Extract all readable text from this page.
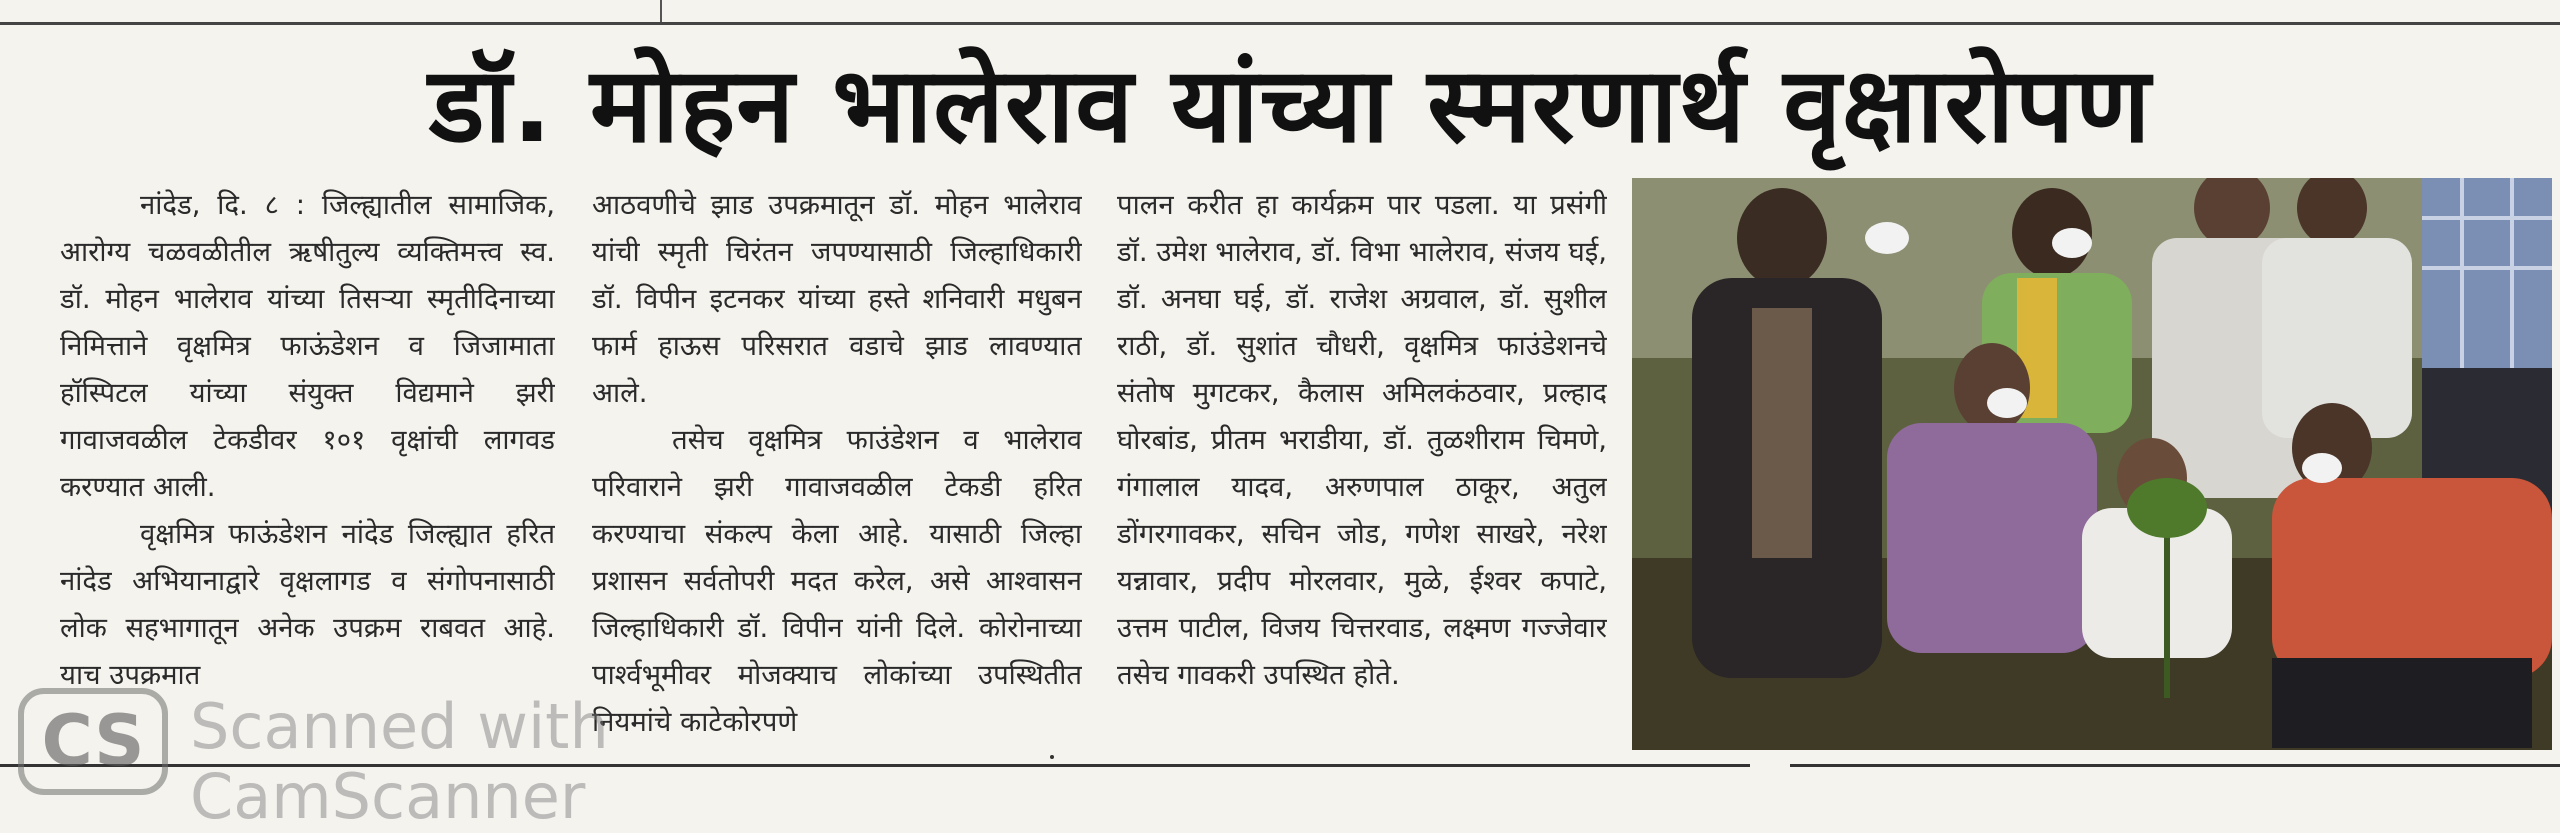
डॉ. मोहन भालेराव यांच्या स्मरणार्थ वृक्षारोपण

नांदेड, दि. ८ : जिल्ह्यातील सामाजिक, आरोग्य चळवळीतील ऋषीतुल्य व्यक्तिमत्त्व स्व. डॉ. मोहन भालेराव यांच्या तिसऱ्या स्मृतीदिनाच्या निमित्ताने वृक्षमित्र फाऊंडेशन व जिजामाता हॉस्पिटल यांच्या संयुक्त विद्यमाने झरी गावाजवळील टेकडीवर १०१ वृक्षांची लागवड करण्यात आली.

वृक्षमित्र फाऊंडेशन नांदेड जिल्ह्यात हरित नांदेड अभियानाद्वारे वृक्षलागड व संगोपनासाठी लोक सहभागातून अनेक उपक्रम राबवत आहे. याच उपक्रमात

आठवणीचे झाड उपक्रमातून डॉ. मोहन भालेराव यांची स्मृती चिरंतन जपण्यासाठी जिल्हाधिकारी डॉ. विपीन इटनकर यांच्या हस्ते शनिवारी मधुबन फार्म हाऊस परिसरात वडाचे झाड लावण्यात आले.

तसेच वृक्षमित्र फाउंडेशन व भालेराव परिवाराने झरी गावाजवळील टेकडी हरित करण्याचा संकल्प केला आहे. यासाठी जिल्हा प्रशासन सर्वतोपरी मदत करेल, असे आश्वासन जिल्हाधिकारी डॉ. विपीन यांनी दिले. कोरोनाच्या पार्श्वभूमीवर मोजक्याच लोकांच्या उपस्थितीत नियमांचे काटेकोरपणे

पालन करीत हा कार्यक्रम पार पडला. या प्रसंगी डॉ. उमेश भालेराव, डॉ. विभा भालेराव, संजय घई, डॉ. अनघा घई, डॉ. राजेश अग्रवाल, डॉ. सुशील राठी, डॉ. सुशांत चौधरी, वृक्षमित्र फाउंडेशनचे संतोष मुगटकर, कैलास अमिलकंठवार, प्रल्हाद घोरबांड, प्रीतम भराडीया, डॉ. तुळशीराम चिमणे, गंगालाल यादव, अरुणपाल ठाकूर, अतुल डोंगरगावकर, सचिन जोड, गणेश साखरे, नरेश यन्नावार, प्रदीप मोरलवार, मुळे, ईश्वर कपाटे, उत्तम पाटील, विजय चित्तरवाड, लक्ष्मण गज्जेवार तसेच गावकरी उपस्थित होते.

CS Scanned with
CamScanner
